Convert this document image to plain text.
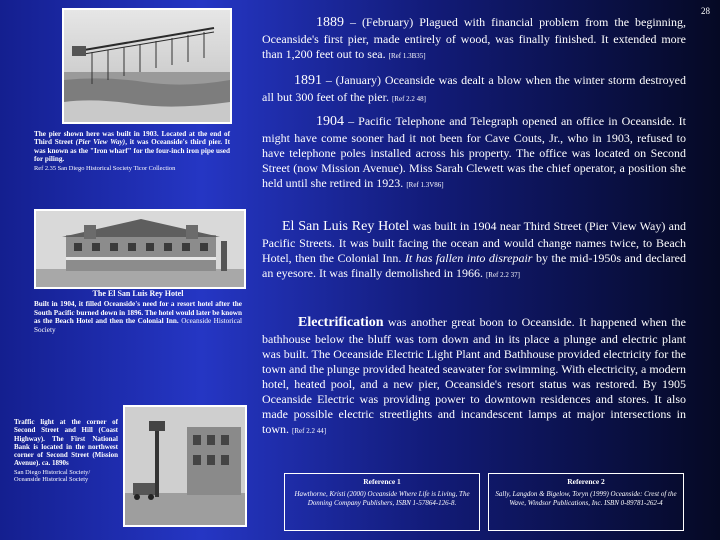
28
The pier shown here was built in 1903. Located at the end of Third Street (Pier View Way), it was Oceanside's third pier. It was known as the "Iron wharf" for the four-inch iron pipe used for piling.
Ref 2.35 San Diego Historical Society Ticor Collection
The El San Luis Rey Hotel
Built in 1904, it filled Oceanside's need for a resort hotel after the South Pacific burned down in 1896. The hotel would later be known as the Beach Hotel and then the Colonial Inn. Oceanside Historical Society
Traffic light at the corner of Second Street and Hill (Coast Highway). The First National Bank is located in the northwest corner of Second Street (Mission Avenue). ca. 1890s
San Diego Historical Society/
Oceanside Historical Society
1889 – (February) Plagued with financial problem from the beginning, Oceanside's first pier, made entirely of wood, was finally finished. It extended more than 1,200 feet out to sea. [Ref 1.3B35]
1891 – (January) Oceanside was dealt a blow when the winter storm destroyed all but 300 feet of the pier. [Ref 2.2 48]
1904 – Pacific Telephone and Telegraph opened an office in Oceanside. It might have come sooner had it not been for Cave Couts, Jr., who in 1903, refused to have telephone poles installed across his property. The office was located on Second Street (now Mission Avenue). Miss Sarah Clewett was the chief operator, a position she held until she retired in 1923. [Ref 1.3V86]
El San Luis Rey Hotel was built in 1904 near Third Street (Pier View Way) and Pacific Streets. It was built facing the ocean and would change names twice, to Beach Hotel, then the Colonial Inn. It has fallen into disrepair by the mid-1950s and declared an eyesore. It was finally demolished in 1966. [Ref 2.2 37]
Electrification was another great boon to Oceanside. It happened when the bathhouse below the bluff was torn down and in its place a plunge and electric plant was built. The Oceanside Electric Light Plant and Bathhouse provided electricity for the town and the plunge provided heated seawater for swimming. With electricity, a modern hotel, heated pool, and a new pier, Oceanside's resort status was restored. By 1905 Oceanside Electric was providing power to downtown residences and stores. It also made possible electric streetlights and incandescent lamps at major intersections in town. [Ref 2.2 44]
Reference 1
Hawthorne, Kristi (2000) Oceanside Where Life is Living, The Donning Company Publishers, ISBN 1-57864-126-8.
Reference 2
Sally, Langdon & Bigelow, Toryn (1999) Oceanside: Crest of the Wave, Windsor Publications, Inc. ISBN 0-89781-262-4
